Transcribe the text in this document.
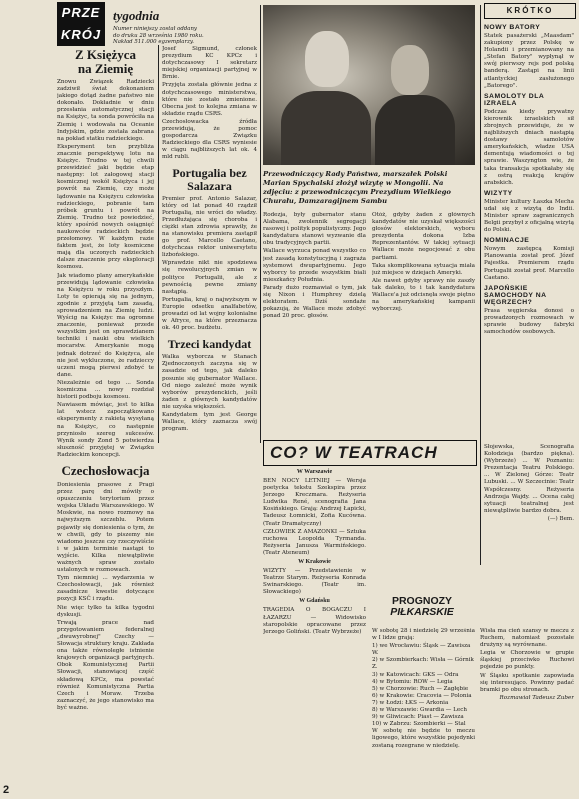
PRZE
KRÓJ
tygodnia
Numer niniejszy został oddany
do druku 28 września 1980 roku.
Nakład 511.000 egzemplarzy.
Z Księżyca
na Ziemię

Znowu Związek Radziecki zadziwił świat dokonaniem jakiego dotąd żadne państwo nie dokonało. Dokładnie w dniu przesłania automatycznej stacji na Księżyc, ta sonda powróciła na Ziemię i wodowała na Oceanie Indyjskim, gdzie została zabrana na pokład statku radzieckiego.

Eksperyment ten przybliża znacznie perspektywę lotu na Księżyc. Trudno w tej chwili przewidzieć jaki będzie etap następny: lot załogowej stacji kosmicznej wokół Księżyca i jej powrót na Ziemię, czy może lądowanie na Księżycu człowieka radzieckiego, pobranie tam próbek gruntu i powrót na Ziemię. Trudno też powiedzieć, który spośród nowych osiągnięć naukowców radzieckich będzie przełomowy. W każdym razie faktem jest, że loty kosmiczne mają dla uczonych radzieckich dalsze znaczenie przy eksploracji kosmosu.

Jak wiadomo plany amerykańskie przewidują lądowanie człowieka na Księżycu w roku przyszłym. Loty te opierają się na jednym, zgodnie z przyjętą tam zasadą, sprowadzeniem na Ziemię ludzi. Wyścig na Księżyc ma ogromne znaczenie, ponieważ przede wszystkim jest on sprawdzianem techniki i nauki obu wielkich mocarstw. Amerykanie mogą jednak dotrzeć do Księżyca, ale nie jest wykluczone, że radzieccy uczeni mogą pierwsi zdobyć te dane.

Niezależnie od tego ... Sonda kosmiczna ... nowy rozdział historii podboju kosmosu.

Nawiasem mówiąc, jest to kilka lat wstecz zapoczątkowano eksperymenty z rakietą wysyłaną na Księżyc, co następnie przyniosło szereg sukcesów. Wynik sondy Zond 5 potwierdza słuszność przyjętej w Związku Radzieckim koncepcji.

Czechosłowacja

Doniesienia prasowe z Pragi przez parę dni mówiły o opuszczeniu terytorium przez wojska Układu Warszawskiego. W Moskwie, na nowo rozmowy na najwyższym szczeblu. Potem pojawiły się doniesienia o tym, że w chwili, gdy to piszemy nie wiadomo jeszcze czy rzeczywiście i w jakim terminie nastąpi to wyjście. Kilka niewątpliwie ważnych spraw zostało ustalonych w rozmowach.

Tym niemniej ... wydarzenia w Czechosłowacji, jak również zasadnicze kwestie dotyczące pozycji KSČ i rządu.

Nie więc tylko ta kilka tygodni dyskusji.

Trwają prace nad przygotowaniem federalnej „dwuwyrobnej" Czechy — Słowacja struktury kraju. Zakłada ona także równoległe istnienie krajowych organizacji partyjnych. Obok Komunistycznej Partii Słowacji, stanowiącej część składową KPCz, ma powstać również Komunistyczna Partia Czech i Moraw. Trzeba zaznaczyć, że jego stanowisko ma być ważne.

Josef Šigmund, członek prezydium KC KPCz i dotychczasowy I sekretarz miejskiej organizacji partyjnej w Brnie.

Przyjęta została głównie jedna z dotychczasowego ministerstwa, które nie zostało zmienione. Obecna jest to kolejna zmiana w składzie rządu CSRS.

Czechosłowacka źródła przewidują, że pomoc gospodarcza Związku Radzieckiego dla CSRS wyniesie w ciągu najbliższych lat ok. 4 mld rubli.

Portugalia bez
Salazara

Premier prof. Antonio Salazar, który od lat ponad 40 rządził Portugalią, nie wróci do władzy. Przedłużająca się choroba i ciężki stan zdrowia sprawiły, że na stanowisku premiera zastąpił go prof. Marcello Caetano, dotychczas rektor uniwersytetu lizbońskiego.

Wprawdzie nikt nie spodziewa się rewolucyjnych zmian w polityce Portugalii, ale z pewnością pewne zmiany nastąpią.

Portugalia, kraj o najwyższym w Europie odsetku analfabetów, prowadzi od lat wojny kolonialne w Afryce, na które przeznacza ok. 40 proc. budżetu.

Trzeci kandydat

Walka wyborcza w Stanach Zjednoczonych zaczyna się w zasadzie od tego, jak daleko posunie się gubernator Wallace. Od niego zależeć może wynik wyborów prezydenckich, jeśli żaden z głównych kandydatów nie uzyska większości.

Kandydatem tym jest George Wallace, który zaznacza swój program.

Przewodniczący Rady Państwa, marszałek Polski Marian Spychalski złożył wizytę w Mongolii. Na zdjęciu: z przewodniczącym Prezydium Wielkiego Churału, Damzaragijnem Sambu

Rodezja, były gubernator stanu Alabama, zwolennik segregacji rasowej i polityk populistyczny. Jego kandydatura stanowi wyzwanie dla obu tradycyjnych partii.

Wallace wyrzuca ponad wszystko co jest zasadą konstytucyjną i zagraża systemowi dwupartyjnemu. Jego wyborcy to przede wszystkim biali mieszkańcy Południa.

Parady dużo rozmawiał o tym, jak się Nixon i Humphrey dzielą elektoratem. Dziś sondaże pokazują, że Wallace może zdobyć ponad 20 proc. głosów.

Otóż, gdyby żaden z głównych kandydatów nie uzyskał większości głosów elektorskich, wyboru prezydenta dokona Izba Reprezentantów. W takiej sytuacji Wallace może negocjować z obu partiami.

Taka skomplikowana sytuacja miała już miejsce w dziejach Ameryki.

Ale nawet gdyby sprawy nie zaszły tak daleko, to i tak kandydatura Wallace'a już odcisnęła swoje piętno na amerykańskiej kampanii wyborczej.

CO? W TEATRACH
W Warszawie

BEN NOCY LETNIEJ — Wersja poetycka tekstu Szekspira przez Jerzego Kreczmara. Reżyseria Ludwika René, scenografia Jana Kosińskiego. Grają: Andrzej Łapicki, Tadeusz Łomnicki, Zofia Kucówna. (Teatr Dramatyczny)

CZŁOWIEK Z AMAZONKI — Sztuka ruchowa Leopolda Tyrmanda. Reżyseria Janusza Warmińskiego. (Teatr Ateneum)

W Krakowie

WIZYTY — Przedstawienie w Teatrze Starym. Reżyseria Konrada Swinarskiego. (Teatr im. Słowackiego)

W Gdańsku

TRAGEDIA O BOGACZU I ŁAZARZU — Widowisko staropolskie opracowane przez Jerzego Goliński. (Teatr Wybrzeże)

PROGNOZY
PIŁKARSKIE

W sobotę 28 i niedzielę 29 września w I lidze grają:

1) we Wrocławiu: Śląsk — Zawisza W.

2) w Szombierkach: Wisła — Górnik Z.

3) w Katowicach: GKS — Odra

4) w Bytomiu: ROW — Legia

5) w Chorzowie: Ruch — Zagłębie

6) w Krakowie: Cracovia — Polonia

7) w Łodzi: ŁKS — Arkonia

8) w Warszawie: Gwardia — Lech

9) w Gliwicach: Piast — Zawisza

10) w Zabrzu: Szombierki — Stal

W sobotę nie będzie to meczu ligowego, które wszystkie pojedynki zostaną rozegrane w niedzielę.

KRÓTKO
NOWY BATORY

Statek pasażerski „Maasdam" zakupiony przez Polskę w Holandii i przemianowany na „Stefan Batory" wypłynął w swój pierwszy rejs pod polską banderą. Zastąpi na linii atlantyckiej zasłużonego „Batorego".

SAMOLOTY DLA IZRAELA

Podczas kiedy prywatny kierownik izraelskich sił zbrojnych przewiduje, że w najbliższych dniach nastąpią dostawy samolotów amerykańskich, władze USA dementują wiadomości o tej sprawie. Waszyngton wie, że taka transakcja spotkałaby się z ostrą reakcją krajów arabskich.

WIZYTY

Minister kultury Łaszka Mecha udał się z wizytą do Indii. Minister spraw zagranicznych Belgii przybył z oficjalną wizytą do Polski.

NOMINACJE

Nowym zastępcą Komisji Planowania został prof. Józef Pajestka. Premierem rządu Portugalii został prof. Marcello Caetano.

JAPOŃSKIE SAMOCHODY NA WĘGRZECH?

Prasa węgierska donosi o prowadzonych rozmowach w sprawie budowy fabryki samochodów osobowych.

Słojewska, Scenografia Kołodzieja (bardzo piękna). (Wybrzeże) ... W Poznaniu: Prezentacja Teatru Polskiego. ... W Zielonej Górze: Teatr Lubuski. ... W Szczecinie: Teatr Współczesny. Reżyseria Andrzeja Wajdy. ... Ocena całej sytuacji teatralnej jest niewątpliwie bardzo dobra.

(—) Bem.

Wisła ma cień szansy w meczu z Ruchem, natomiast pozostałe drużyny są wyrównane.

Legia w Chorzowie w grupie śląskiej przeciwko Ruchowi pojedzie po punkty.

W Śląsku spotkanie zapowiada się interesująco. Powinny padać bramki po obu stronach.

Rozmawiał Tadeusz Zuber

2
